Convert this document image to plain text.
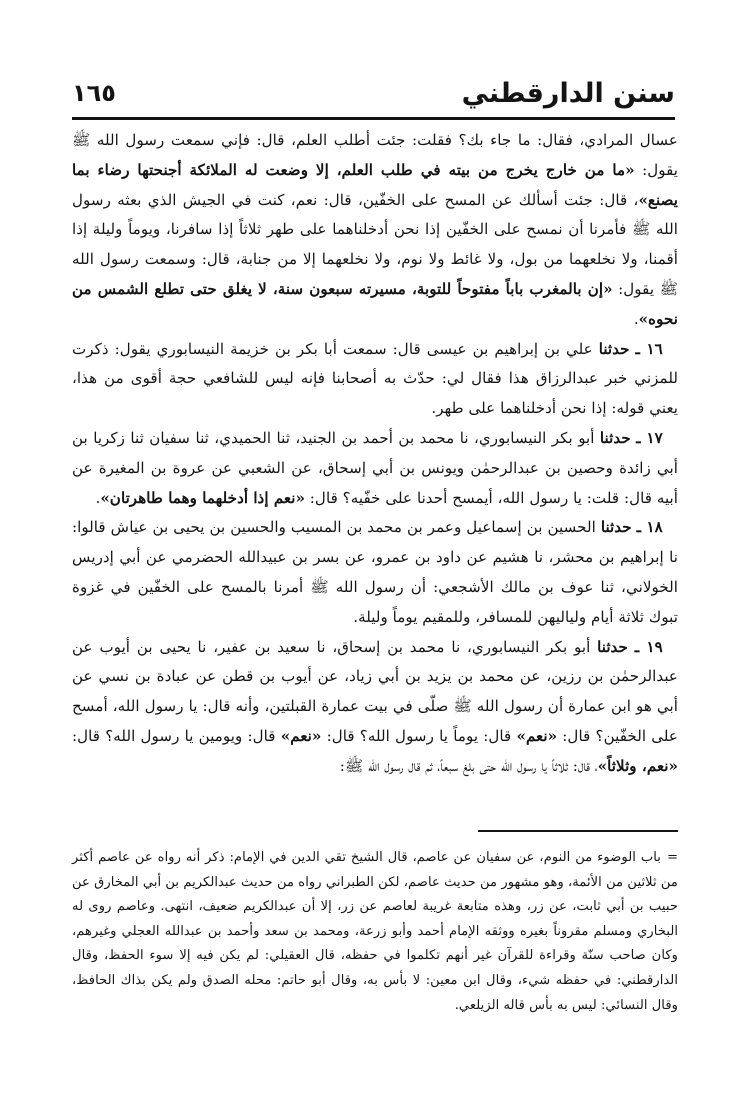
سنن الدارقطني
١٦٥

عسال المرادي، فقال: ما جاء بك؟ فقلت: جئت أطلب العلم، قال: فإني سمعت رسول الله ﷺ يقول: «ما من خارج يخرج من بيته في طلب العلم، إلا وضعت له الملائكة أجنحتها رضاء بما يصنع»، قال: جئت أسألك عن المسح على الخفّين، قال: نعم، كنت في الجيش الذي بعثه رسول الله ﷺ فأمرنا أن نمسح على الخفّين إذا نحن أدخلناهما على طهر ثلاثاً إذا سافرنا، ويوماً وليلة إذا أقمنا، ولا نخلعهما من بول، ولا غائط ولا نوم، ولا نخلعهما إلا من جنابة، قال: وسمعت رسول الله ﷺ يقول: «إن بالمغرب باباً مفتوحاً للتوبة، مسيرته سبعون سنة، لا يغلق حتى تطلع الشمس من نحوه».

 ١٦ ـ حدثنا علي بن إبراهيم بن عيسى قال: سمعت أبا بكر بن خزيمة النيسابوري يقول: ذكرت للمزني خبر عبدالرزاق هذا فقال لي: حدّث به أصحابنا فإنه ليس للشافعي حجة أقوى من هذا، يعني قوله: إذا نحن أدخلناهما على طهر.

 ١٧ ـ حدثنا أبو بكر النيسابوري، نا محمد بن أحمد بن الجنيد، ثنا الحميدي، ثنا سفيان ثنا زكريا بن أبي زائدة وحصين بن عبدالرحمٰن ويونس بن أبي إسحاق، عن الشعبي عن عروة بن المغيرة عن أبيه قال: قلت: يا رسول الله، أيمسح أحدنا على خفّيه؟ قال: «نعم إذا أدخلهما وهما طاهرتان».

 ١٨ ـ حدثنا الحسين بن إسماعيل وعمر بن محمد بن المسيب والحسين بن يحيى بن عياش قالوا: نا إبراهيم بن محشر، نا هشيم عن داود بن عمرو، عن بسر بن عبيدالله الحضرمي عن أبي إدريس الخولاني، ثنا عوف بن مالك الأشجعي: أن رسول الله ﷺ أمرنا بالمسح على الخفّين في غزوة تبوك ثلاثة أيام ولياليهن للمسافر، وللمقيم يوماً وليلة.

 ١٩ ـ حدثنا أبو بكر النيسابوري، نا محمد بن إسحاق، نا سعيد بن عفير، نا يحيى بن أيوب عن عبدالرحمٰن بن رزين، عن محمد بن يزيد بن أبي زياد، عن أيوب بن قطن عن عبادة بن نسي عن أبي هو ابن عمارة أن رسول الله ﷺ صلّى في بيت عمارة القبلتين، وأنه قال: يا رسول الله، أمسح على الخفّين؟ قال: «نعم» قال: يوماً يا رسول الله؟ قال: «نعم» قال: ويومين يا رسول الله؟ قال: «نعم، وثلاثاً»، قال: ثلاثاً يا رسول الله حتى بلغ سبعاً، ثم قال رسول الله ﷺ:

=باب الوضوء من النوم، عن سفيان عن عاصم، قال الشيخ تقي الدين في الإمام: ذكر أنه رواه عن عاصم أكثر من ثلاثين من الأئمة، وهو مشهور من حديث عاصم، لكن الطبراني رواه من حديث عبدالكريم بن أبي المخارق عن حبيب بن أبي ثابت، عن زر، وهذه متابعة غريبة لعاصم عن زر، إلا أن عبدالكريم ضعيف، انتهى. وعاصم روى له البخاري ومسلم مقروناً بغيره ووثقه الإمام أحمد وأبو زرعة، ومحمد بن سعد وأحمد بن عبدالله العجلي وغيرهم، وكان صاحب سنّة وقراءة للقرآن غير أنهم تكلموا في حفظه، قال العقيلي: لم يكن فيه إلا سوء الحفظ، وقال الدارقطني: في حفظه شيء، وقال ابن معين: لا بأس به، وقال أبو حاتم: محله الصدق ولم يكن بذاك الحافظ، وقال النسائي: ليس به بأس قاله الزيلعي.
